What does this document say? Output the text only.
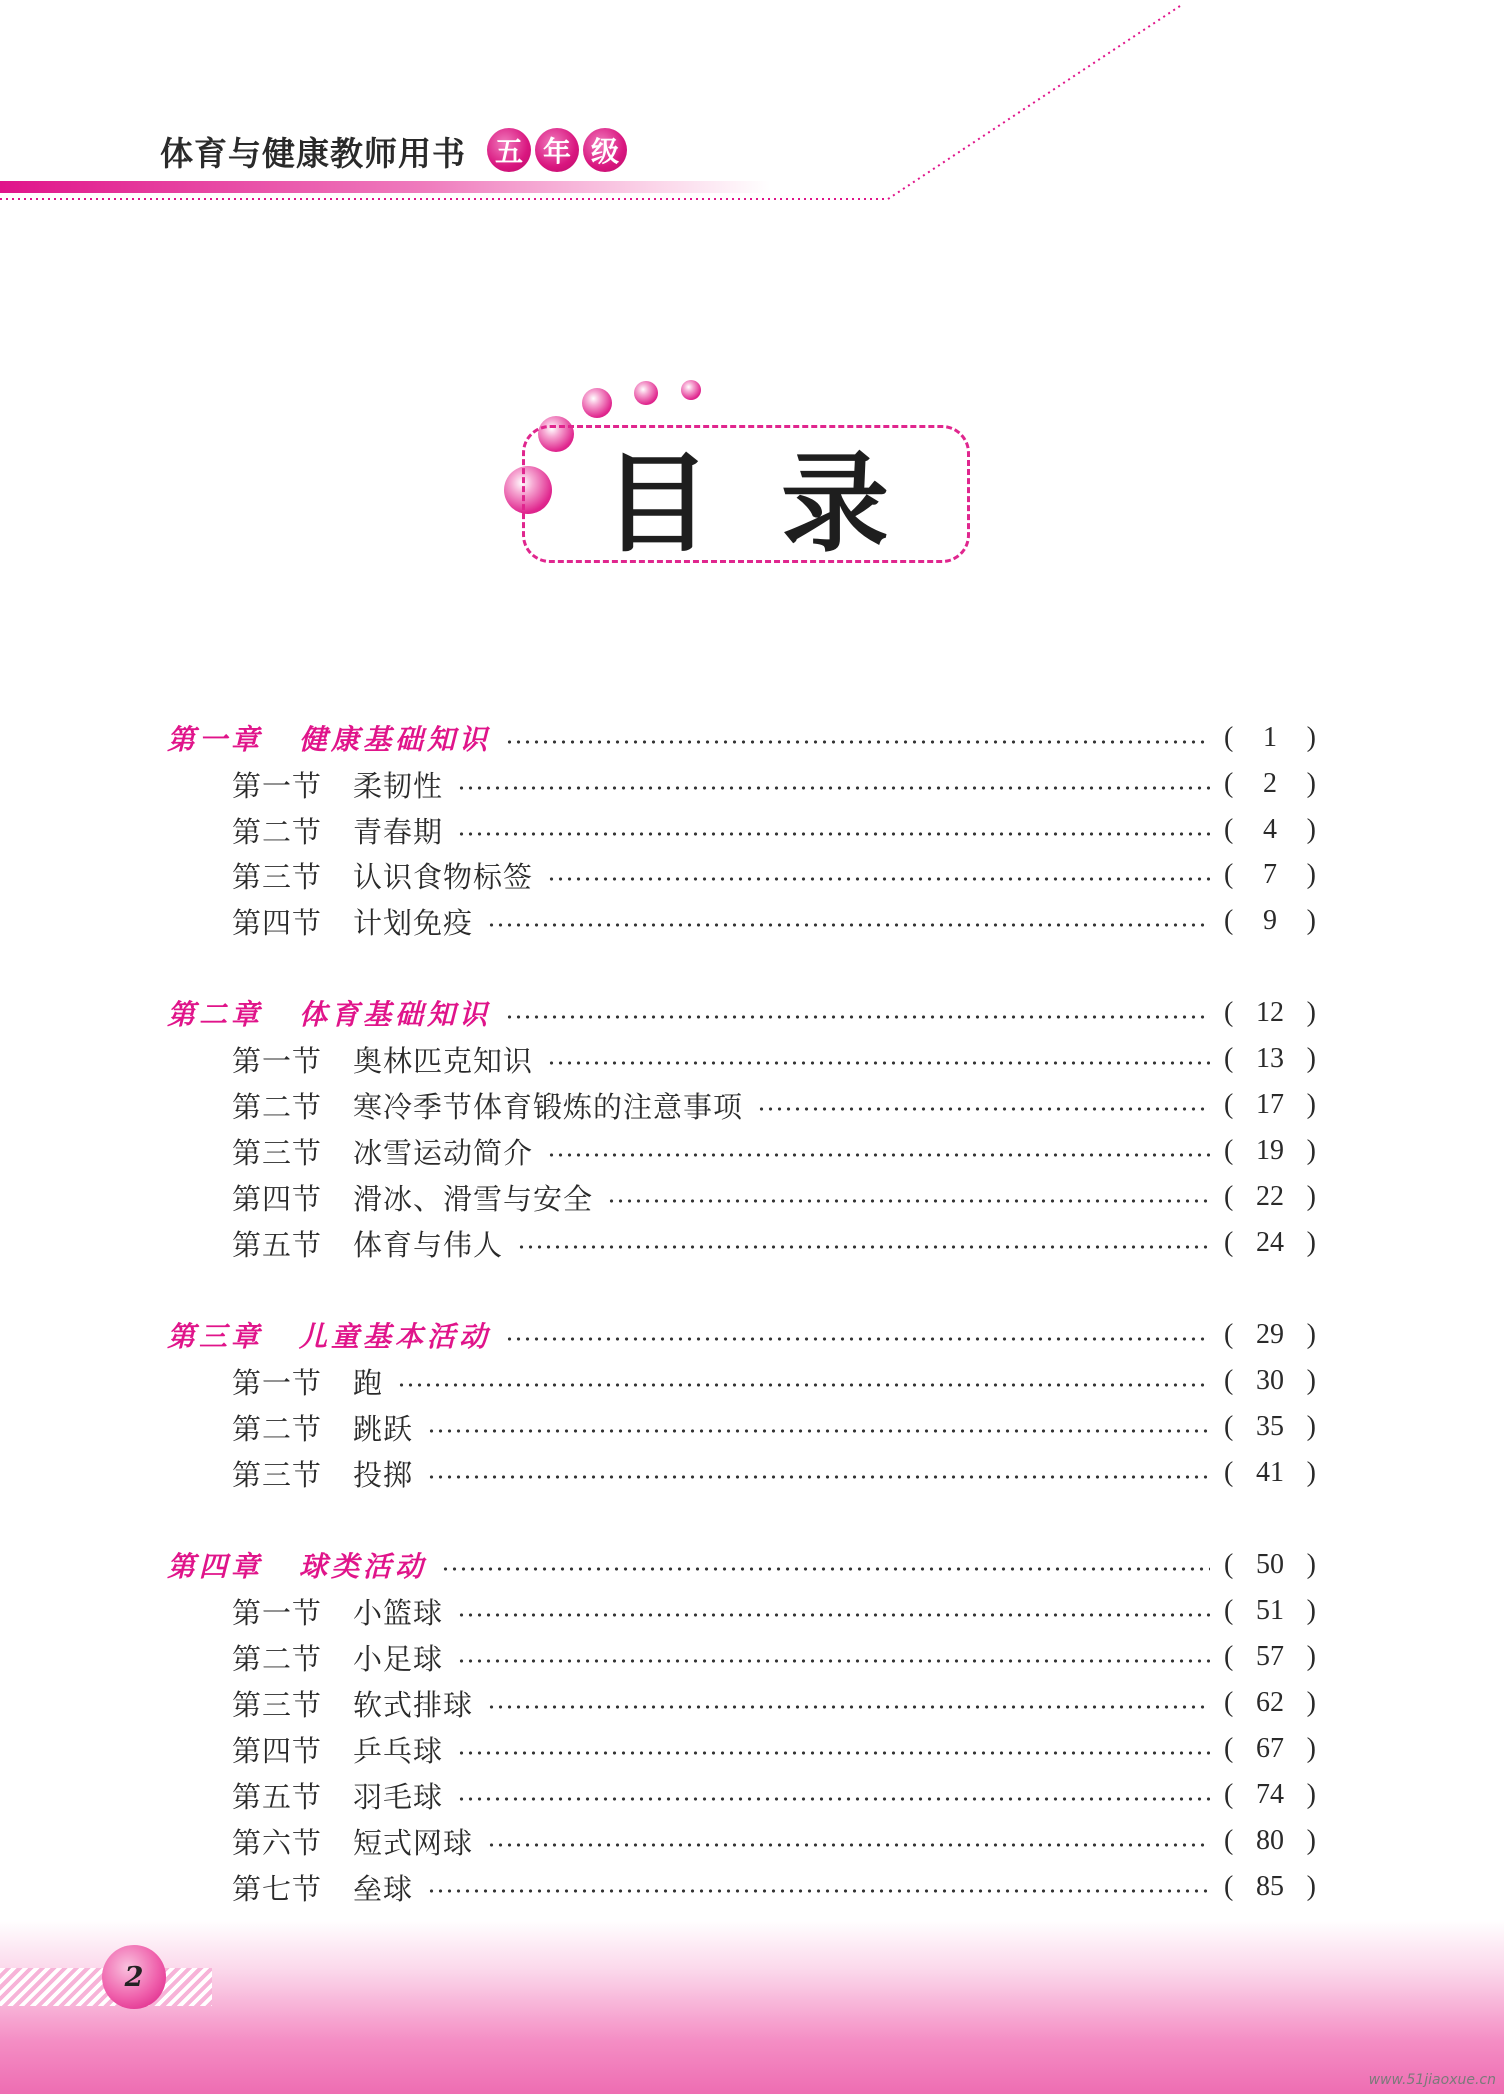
体育与健康教师用书 五 年 级
目录
第一章	健康基础知识	(	1	)
第一节	柔韧性	(	2	)
第二节	青春期	(	4	)
第三节	认识食物标签	(	7	)
第四节	计划免疫	(	9	)
第二章	体育基础知识	( 12 )
第一节	奥林匹克知识	( 13 )
第二节	寒冷季节体育锻炼的注意事项	( 17 )
第三节	冰雪运动简介	( 19 )
第四节	滑冰、滑雪与安全	( 22 )
第五节	体育与伟人	( 24 )
第三章	儿童基本活动	( 29 )
第一节	跑	( 30 )
第二节	跳跃	( 35 )
第三节	投掷	( 41 )
第四章	球类活动	( 50 )
第一节	小篮球	( 51 )
第二节	小足球	( 57 )
第三节	软式排球	( 62 )
第四节	乒乓球	( 67 )
第五节	羽毛球	( 74 )
第六节	短式网球	( 80 )
第七节	垒球	( 85 )
2
www.51jiaoxue.cn
